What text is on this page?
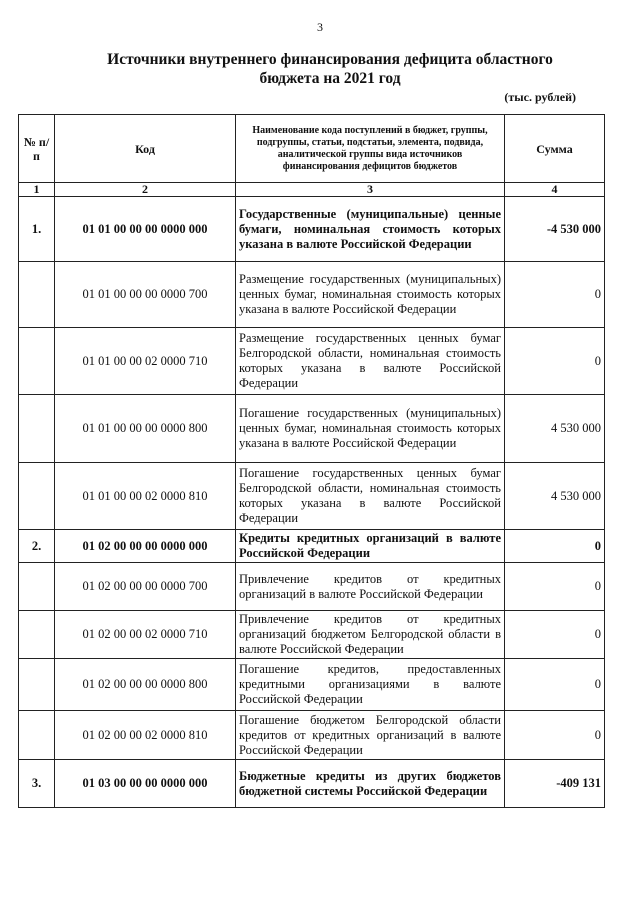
3
Источники внутреннего финансирования дефицита областного бюджета на 2021 год
(тыс. рублей)
№ п/п	Код	Наименование кода поступлений в бюджет, группы, подгруппы, статьи, подстатьи, элемента, подвида, аналитической группы вида источников финансирования дефицитов бюджетов	Сумма
1	2	3	4
1.	01 01 00 00 00 0000 000	Государственные (муниципальные) ценные бумаги, номинальная стоимость которых указана в валюте Российской Федерации	-4 530 000
	01 01 00 00 00 0000 700	Размещение государственных (муниципальных) ценных бумаг, номинальная стоимость которых указана в валюте Российской Федерации	0
	01 01 00 00 02 0000 710	Размещение государственных ценных бумаг Белгородской области, номинальная стоимость которых указана в валюте Российской Федерации	0
	01 01 00 00 00 0000 800	Погашение государственных (муниципальных) ценных бумаг, номинальная стоимость которых указана в валюте Российской Федерации	4 530 000
	01 01 00 00 02 0000 810	Погашение государственных ценных бумаг Белгородской области, номинальная стоимость которых указана в валюте Российской Федерации	4 530 000
2.	01 02 00 00 00 0000 000	Кредиты кредитных организаций в валюте Российской Федерации	0
	01 02 00 00 00 0000 700	Привлечение кредитов от кредитных организаций в валюте Российской Федерации	0
	01 02 00 00 02 0000 710	Привлечение кредитов от кредитных организаций бюджетом Белгородской области в валюте Российской Федерации	0
	01 02 00 00 00 0000 800	Погашение кредитов, предоставленных кредитными организациями в валюте Российской Федерации	0
	01 02 00 00 02 0000 810	Погашение бюджетом Белгородской области кредитов от кредитных организаций в валюте Российской Федерации	0
3.	01 03 00 00 00 0000 000	Бюджетные кредиты из других бюджетов бюджетной системы Российской Федерации	-409 131
